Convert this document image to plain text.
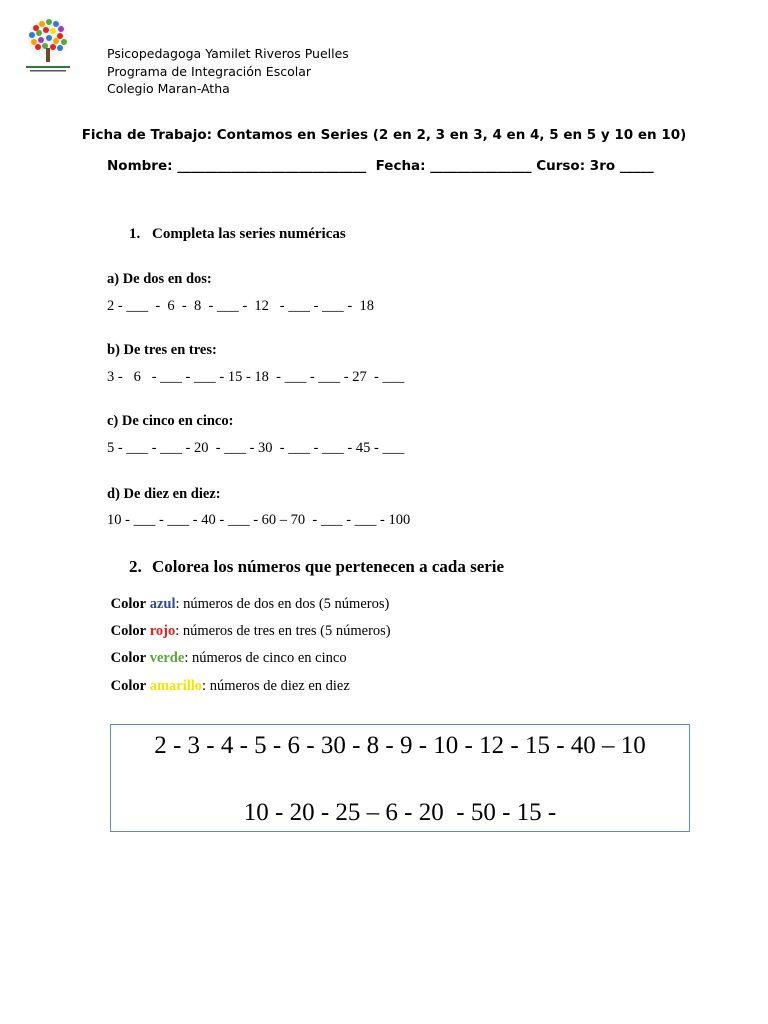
Psicopedagoga Yamilet Riveros Puelles
Programa de Integración Escolar
Colegio Maran-Atha
Ficha de Trabajo: Contamos en Series (2 en 2, 3 en 3, 4 en 4, 5 en 5 y 10 en 10)
Nombre: ____________________________  Fecha: _______________ Curso: 3ro _____
1. Completa las series numéricas
a) De dos en dos:
2 - ___  -  6  -  8  - ___ -  12   - ___ - ___ -  18
b) De tres en tres:
3 -   6   - ___ - ___ - 15 - 18  - ___ - ___ - 27  - ___
c) De cinco en cinco:
5 - ___ - ___ - 20  - ___ - 30  - ___ - ___ - 45 - ___
d) De diez en diez:
10 - ___ - ___ - 40 - ___ - 60 – 70  - ___ - ___ - 100
2. Colorea los números que pertenecen a cada serie
Color azul: números de dos en dos (5 números)
Color rojo: números de tres en tres (5 números)
Color verde: números de cinco en cinco
Color amarillo: números de diez en diez
2 - 3 - 4 - 5 - 6 - 30 - 8 - 9 - 10 - 12 - 15 - 40 – 10
10 - 20 - 25 – 6 - 20  - 50 - 15 -
